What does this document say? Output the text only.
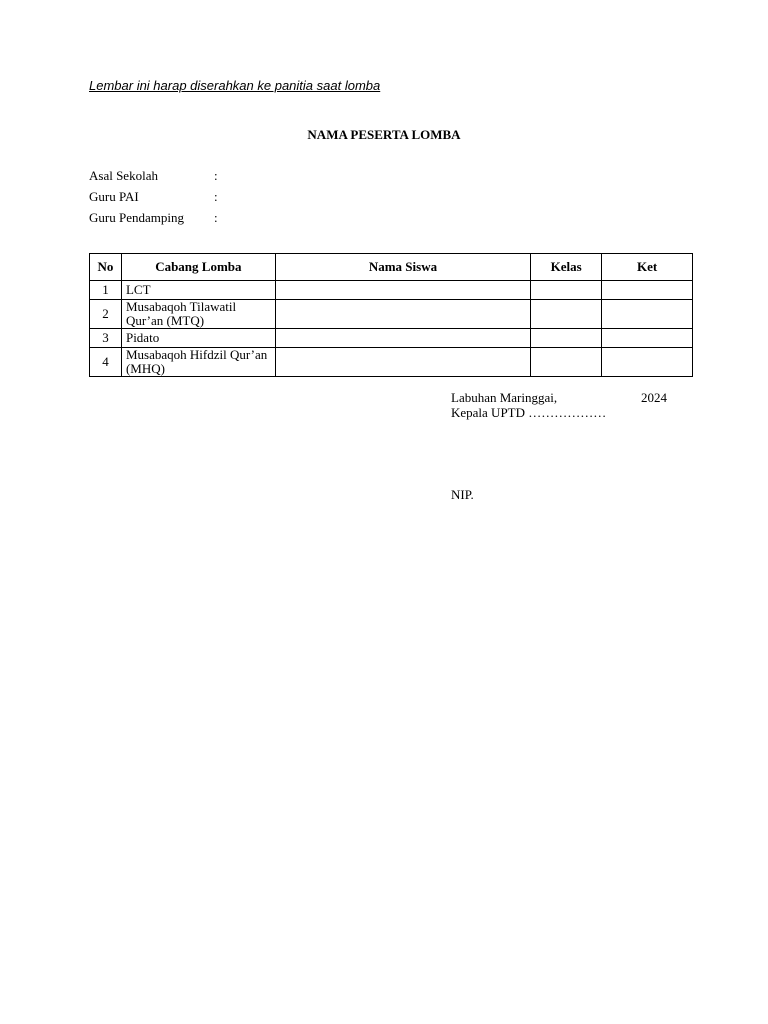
Lembar ini harap diserahkan ke panitia saat lomba
NAMA PESERTA LOMBA
Asal Sekolah	:
Guru PAI	:
Guru Pendamping :
No	Cabang Lomba	Nama Siswa	Kelas	Ket
1	LCT			
2	Musabaqoh Tilawatil Qur’an (MTQ)			
3	Pidato			
4	Musabaqoh Hifdzil Qur’an (MHQ)			
Labuhan Maringgai,	2024
Kepala UPTD ………………
NIP.
